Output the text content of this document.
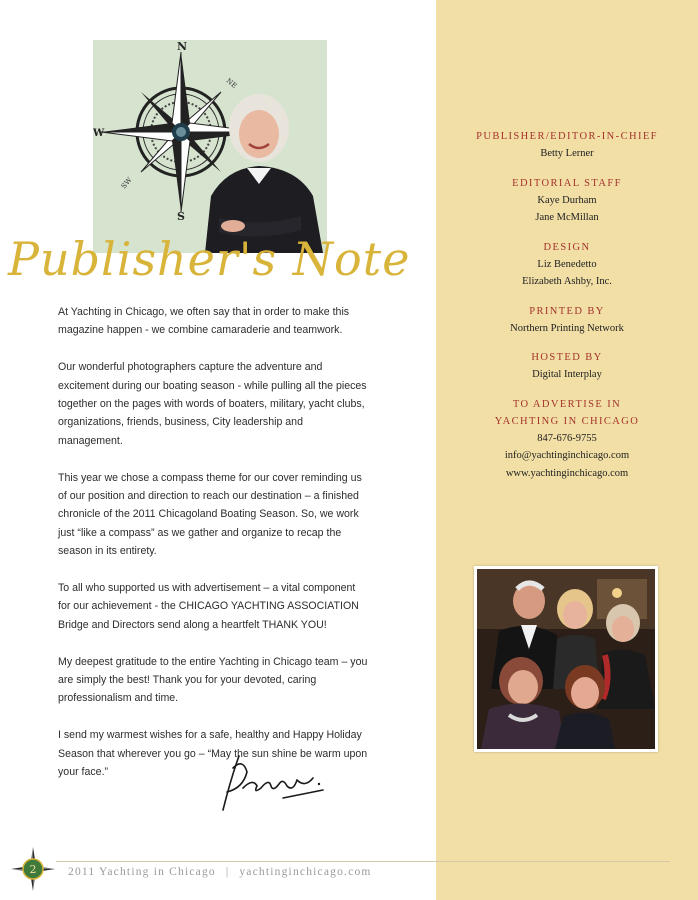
N
S
W
NE
SW
Publisher's Note

At Yachting in Chicago, we often say that in order to make this magazine happen - we combine camaraderie and teamwork.

Our wonderful photographers capture the adventure and excitement during our boating season - while pulling all the pieces together on the pages with words of boaters, military, yacht clubs, organizations, friends, business, City leadership and management.

This year we chose a compass theme for our cover reminding us of our position and direction to reach our destination – a finished chronicle of the 2011 Chicagoland Boating Season. So, we work just “like a compass” as we gather and organize to recap the season in its entirety.

To all who supported us with advertisement – a vital component for our achievement - the CHICAGO YACHTING ASSOCIATION Bridge and Directors send along a heartfelt THANK YOU!

My deepest gratitude to the entire Yachting in Chicago team – you are simply the best! Thank you for your devoted, caring professionalism and time.

I send my warmest wishes for a safe, healthy and Happy Holiday Season that wherever you go – “May the sun shine be warm upon your face.”

PUBLISHER/EDITOR-IN-CHIEF
Betty Lerner
EDITORIAL STAFF
Kaye Durham
Jane McMillan
DESIGN
Liz Benedetto
Elizabeth Ashby, Inc.
PRINTED BY
Northern Printing Network
HOSTED BY
Digital Interplay
TO ADVERTISE IN YACHTING IN CHICAGO
847-676-9755
info@yachtinginchicago.com
www.yachtinginchicago.com
2	2011 Yachting in Chicago | yachtinginchicago.com
